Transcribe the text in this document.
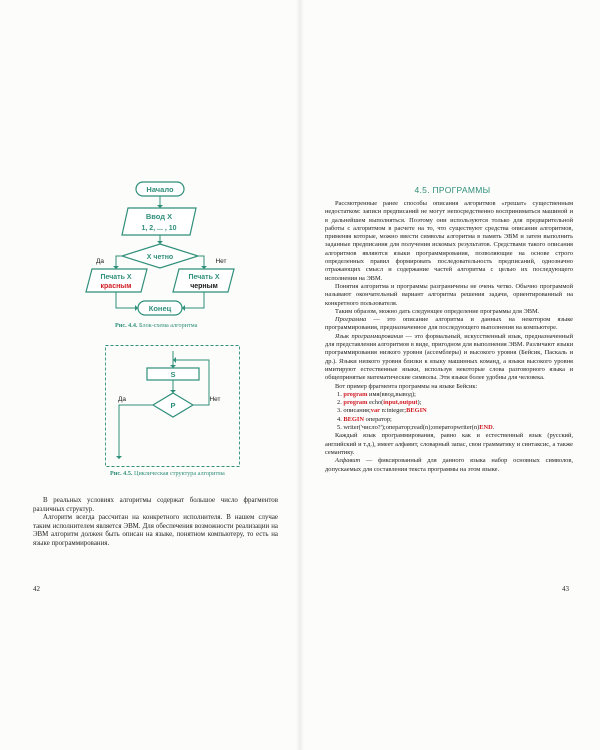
Начало
Ввод X
1, 2, ... , 10
X четно
Да	Нет
Печать X
красным
Печать X
черным
Конец
Рис. 4.4. Блок-схема алгоритма
S
P
Да	Нет
Рис. 4.5. Циклическая структура алгоритма

В реальных условиях алгоритмы содержат большое число фрагментов различных структур.

Алгоритм всегда рассчитан на конкретного исполнителя. В нашем случае таким исполнителем является ЭВМ. Для обеспечения возможности реализации на ЭВМ алгоритм должен быть описан на языке, понятном компьютеру, то есть на языке программирования.

42
4.5. ПРОГРАММЫ

Рассмотренные ранее способы описания алгоритмов «грешат» существенным недостатком: записи предписаний не могут непосредственно восприниматься машиной и в дальнейшем выполняться. Поэтому они используются только для предварительной работы с алгоритмом в расчете на то, что существуют средства описания алгоритмов, применяя которые, можно ввести символы алгоритма в память ЭВМ и затем выполнить заданные предписания для получения искомых результатов. Средствами такого описания алгоритмов являются языки программирования, позволяющие на основе строго определенных правил формировать последовательность предписаний, однозначно отражающих смысл и содержание частей алгоритма с целью их последующего исполнения на ЭВМ.

Понятия алгоритма и программы разграничены не очень четко. Обычно программой называют окончательный вариант алгоритма решения задачи, ориентированный на конкретного пользователя.

Таким образом, можно дать следующее определение программы для ЭВМ.

Программа — это описание алгоритма и данных на некотором языке программирования, предназначенное для последующего выполнения на компьютере.

Язык программирования — это формальный, искусственный язык, предназначенный для представления алгоритмов в виде, пригодном для выполнения ЭВМ. Различают языки программирования низкого уровня (ассемблеры) и высокого уровня (Бейсик, Паскаль и др.). Языки низкого уровня близки к языку машинных команд, а языки высокого уровня имитируют естественные языки, используя некоторые слова разговорного языка и общепринятые математические символы. Эти языки более удобны для человека.

Вот пример фрагмента программы на языке Бейсик:

1. program имя(ввод,вывод);

2. program echo(input,output);

3. описания;var n:integer;BEGIN

4. BEGIN оператор;

5. writer('число?');оператор;read(n);операторwriter(n)END.

Каждый язык программирования, равно как и естественный язык (русский, английский и т.д.), имеет алфавит, словарный запас, свои грамматику и синтаксис, а также семантику.

Алфавит — фиксированный для данного языка набор основных символов, допускаемых для составления текста программы на этом языке.

43
